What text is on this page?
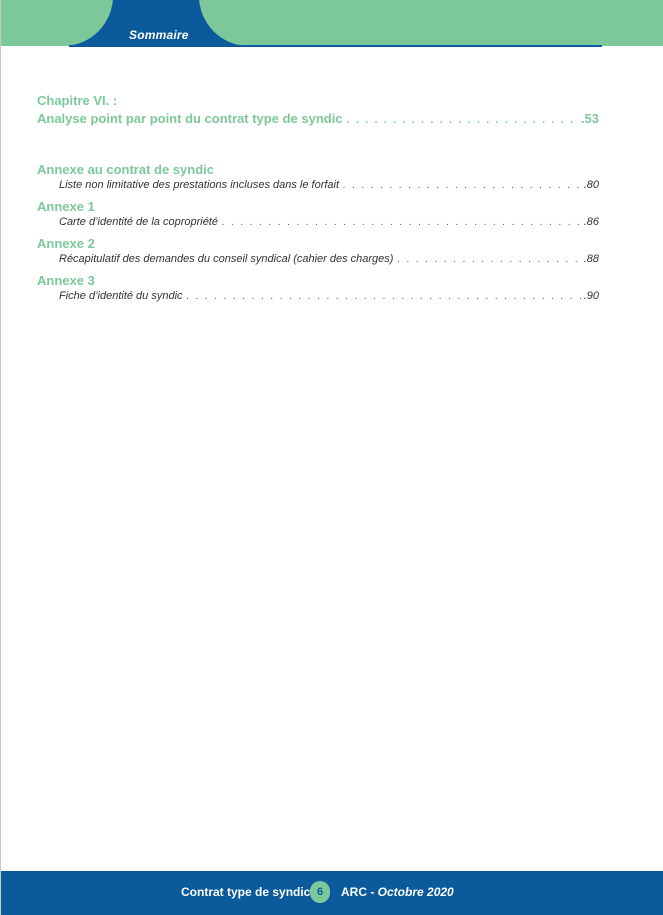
Sommaire
Chapitre VI. :
Analyse point par point du contrat type de syndic . . .	.53
Annexe au contrat de syndic
Liste non limitative des prestations incluses dans le forfait . . .	.80
Annexe 1
Carte d’identité de la copropriété . . .	.86
Annexe 2
Récapitulatif des demandes du conseil syndical (cahier des charges) . . .	.88
Annexe 3
Fiche d’identité du syndic . . .	.90
Contrat type de syndic 6	ARC - Octobre 2020
